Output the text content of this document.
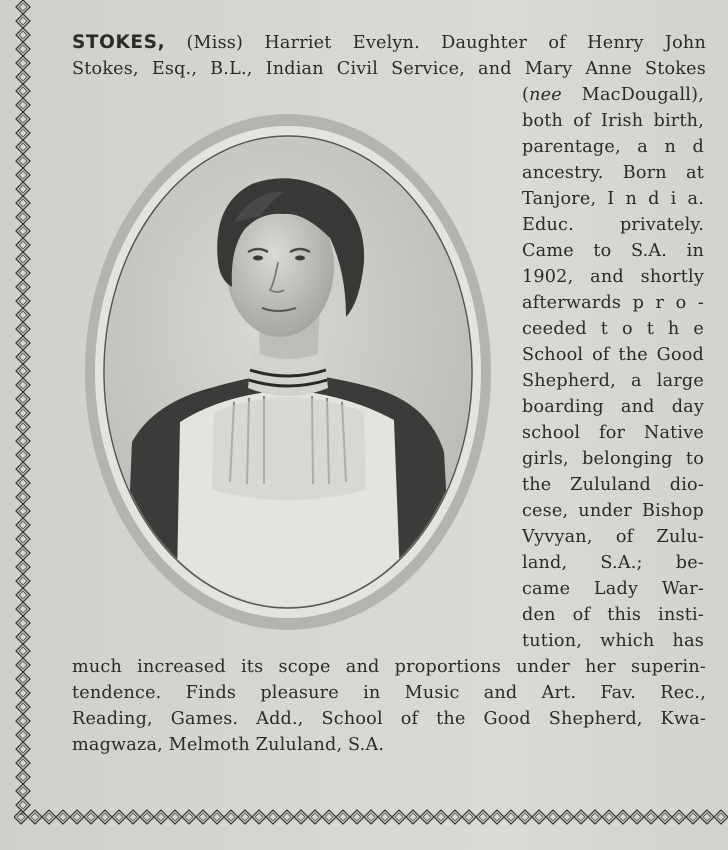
STOKES, (Miss) Harriet Evelyn. Daughter of Henry John
Stokes, Esq., B.L., Indian Civil Service, and Mary Anne Stokes
(nee MacDougall),
both of Irish birth,
parentage, a n d
ancestry. Born at
Tanjore, I n d i a.
Educ. privately.
Came to S.A. in
1902, and shortly
afterwards p r o -
ceeded t o t h e
School of the Good
Shepherd, a large
boarding and day
school for Native
girls, belonging to
the Zululand dio-
cese, under Bishop
Vyvyan, of Zulu-
land, S.A.; be-
came Lady War-
den of this insti-
tution, which has
much increased its scope and proportions under her superin-
tendence. Finds pleasure in Music and Art. Fav. Rec.,
Reading, Games. Add., School of the Good Shepherd, Kwa-
magwaza, Melmoth Zululand, S.A.
